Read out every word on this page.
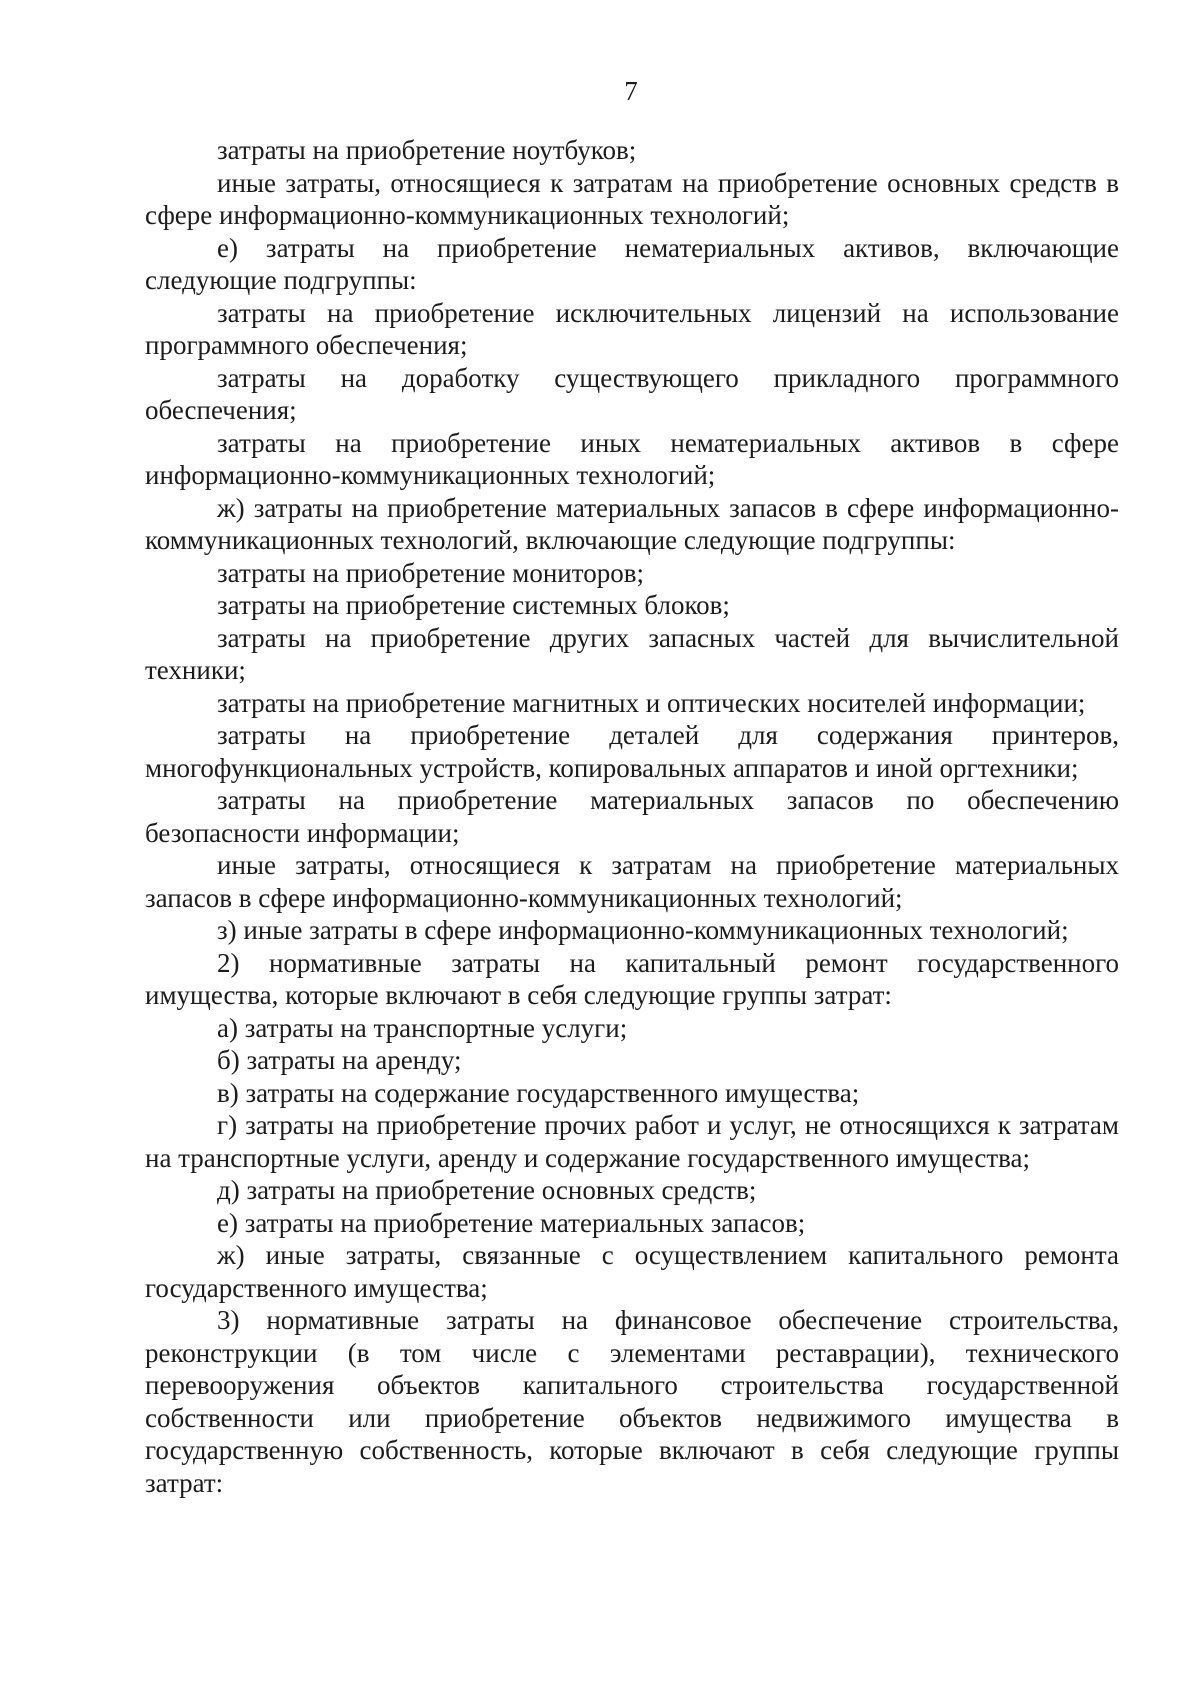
7

затраты на приобретение ноутбуков;

иные затраты, относящиеся к затратам на приобретение основных средств в сфере информационно-коммуникационных технологий;

е) затраты на приобретение нематериальных активов, включающие следующие подгруппы:

затраты на приобретение исключительных лицензий на использование программного обеспечения;

затраты на доработку существующего прикладного программного обеспечения;

затраты на приобретение иных нематериальных активов в сфере информационно-коммуникационных технологий;

ж) затраты на приобретение материальных запасов в сфере информационно-коммуникационных технологий, включающие следующие подгруппы:

затраты на приобретение мониторов;

затраты на приобретение системных блоков;

затраты на приобретение других запасных частей для вычислительной техники;

затраты на приобретение магнитных и оптических носителей информации;

затраты на приобретение деталей для содержания принтеров, многофункциональных устройств, копировальных аппаратов и иной оргтехники;

затраты на приобретение материальных запасов по обеспечению безопасности информации;

иные затраты, относящиеся к затратам на приобретение материальных запасов в сфере информационно-коммуникационных технологий;

з) иные затраты в сфере информационно-коммуникационных технологий;

2) нормативные затраты на капитальный ремонт государственного имущества, которые включают в себя следующие группы затрат:

а) затраты на транспортные услуги;

б) затраты на аренду;

в) затраты на содержание государственного имущества;

г) затраты на приобретение прочих работ и услуг, не относящихся к затратам на транспортные услуги, аренду и содержание государственного имущества;

д) затраты на приобретение основных средств;

е) затраты на приобретение материальных запасов;

ж) иные затраты, связанные с осуществлением капитального ремонта государственного имущества;

3) нормативные затраты на финансовое обеспечение строительства, реконструкции (в том числе с элементами реставрации), технического перевооружения объектов капитального строительства государственной собственности или приобретение объектов недвижимого имущества в государственную собственность, которые включают в себя следующие группы затрат:
